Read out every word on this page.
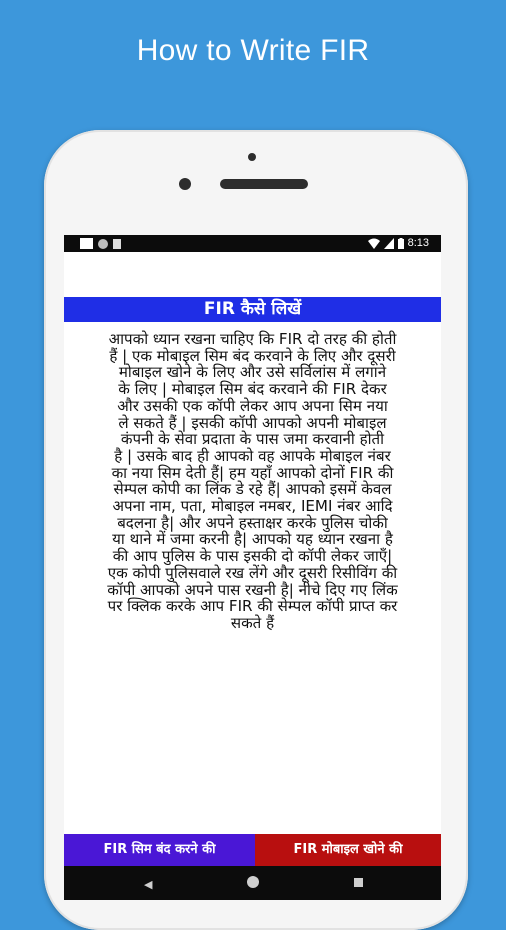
How to Write FIR
8:13
FIR कैसे लिखें
आपको ध्यान रखना चाहिए कि FIR दो तरह की होती
हैं | एक मोबाइल सिम बंद करवाने के लिए और दूसरी
मोबाइल खोने के लिए और उसे सर्विलांस में लगाने
के लिए | मोबाइल सिम बंद करवाने की FIR देकर
और उसकी एक कॉपी लेकर आप अपना सिम नया
ले सकते हैं | इसकी कॉपी आपको अपनी मोबाइल
कंपनी के सेवा प्रदाता के पास जमा करवानी होती
है | उसके बाद ही आपको वह आपके मोबाइल नंबर
का नया सिम देती हैं| हम यहाँ आपको दोनों FIR की
सेम्पल कोपी का लिंक डे रहे हैं| आपको इसमें केवल
अपना नाम, पता, मोबाइल नमबर, IEMI नंबर आदि
बदलना है| और अपने हस्ताक्षर करके पुलिस चोकी
या थाने में जमा करनी है| आपको यह ध्यान रखना है
की आप पुलिस के पास इसकी दो कॉपी लेकर जाएँ|
एक कोपी पुलिसवाले रख लेंगे और दूसरी रिसीविंग की
कॉपी आपको अपने पास रखनी है| नीचे दिए गए लिंक
पर क्लिक करके आप FIR की सेम्पल कॉपी प्राप्त कर
सकते हैं
FIR सिम बंद करने की	FIR मोबाइल खोने की
◀
